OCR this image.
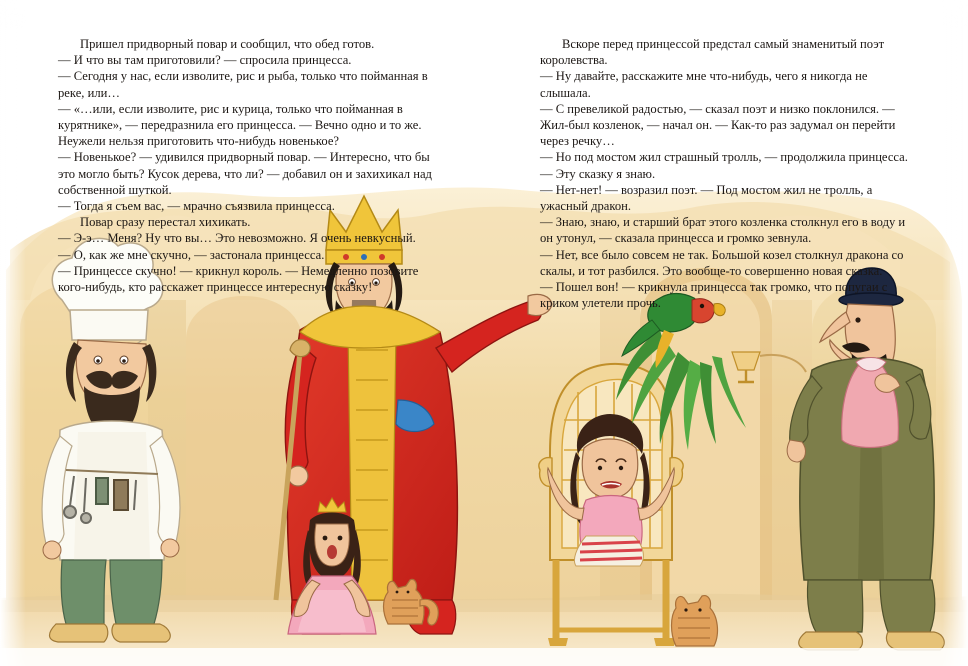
Пришел придворный повар и сообщил, что обед готов.

— И что вы там приготовили? — спросила принцесса.

— Сегодня у нас, если изволите, рис и рыба, только что пойманная в реке, или…

— «…или, если изволите, рис и курица, только что пойманная в курятнике», — передразнила его принцесса. — Вечно одно и то же. Неужели нельзя приготовить что-нибудь новенькое?

— Новенькое? — удивился придворный повар. — Интересно, что бы это могло быть? Кусок дерева, что ли? — добавил он и захихикал над собственной шуткой.

— Тогда я съем вас, — мрачно съязвила принцесса.

Повар сразу перестал хихикать.

— Э-э… Меня? Ну что вы… Это невозможно. Я очень невкусный.

— О, как же мне скучно, — застонала принцесса.

— Принцессе скучно! — крикнул король. — Немедленно позовите кого-нибудь, кто расскажет принцессе интересную сказку!

Вскоре перед принцессой предстал самый знаменитый поэт королевства.

— Ну давайте, расскажите мне что-нибудь, чего я никогда не слышала.

— С превеликой радостью, — сказал поэт и низко поклонился. — Жил-был козленок, — начал он. — Как-то раз задумал он перейти через речку…

— Но под мостом жил страшный тролль, — продолжила принцесса. — Эту сказку я знаю.

— Нет-нет! — возразил поэт. — Под мостом жил не тролль, а ужасный дракон.

— Знаю, знаю, и старший брат этого козленка столкнул его в воду и он утонул, — сказала принцесса и громко зевнула.

— Нет, все было совсем не так. Большой козел столкнул дракона со скалы, и тот разбился. Это вообще-то совершенно новая сказка.

— Пошел вон! — крикнула принцесса так громко, что попугаи с криком улетели прочь.
